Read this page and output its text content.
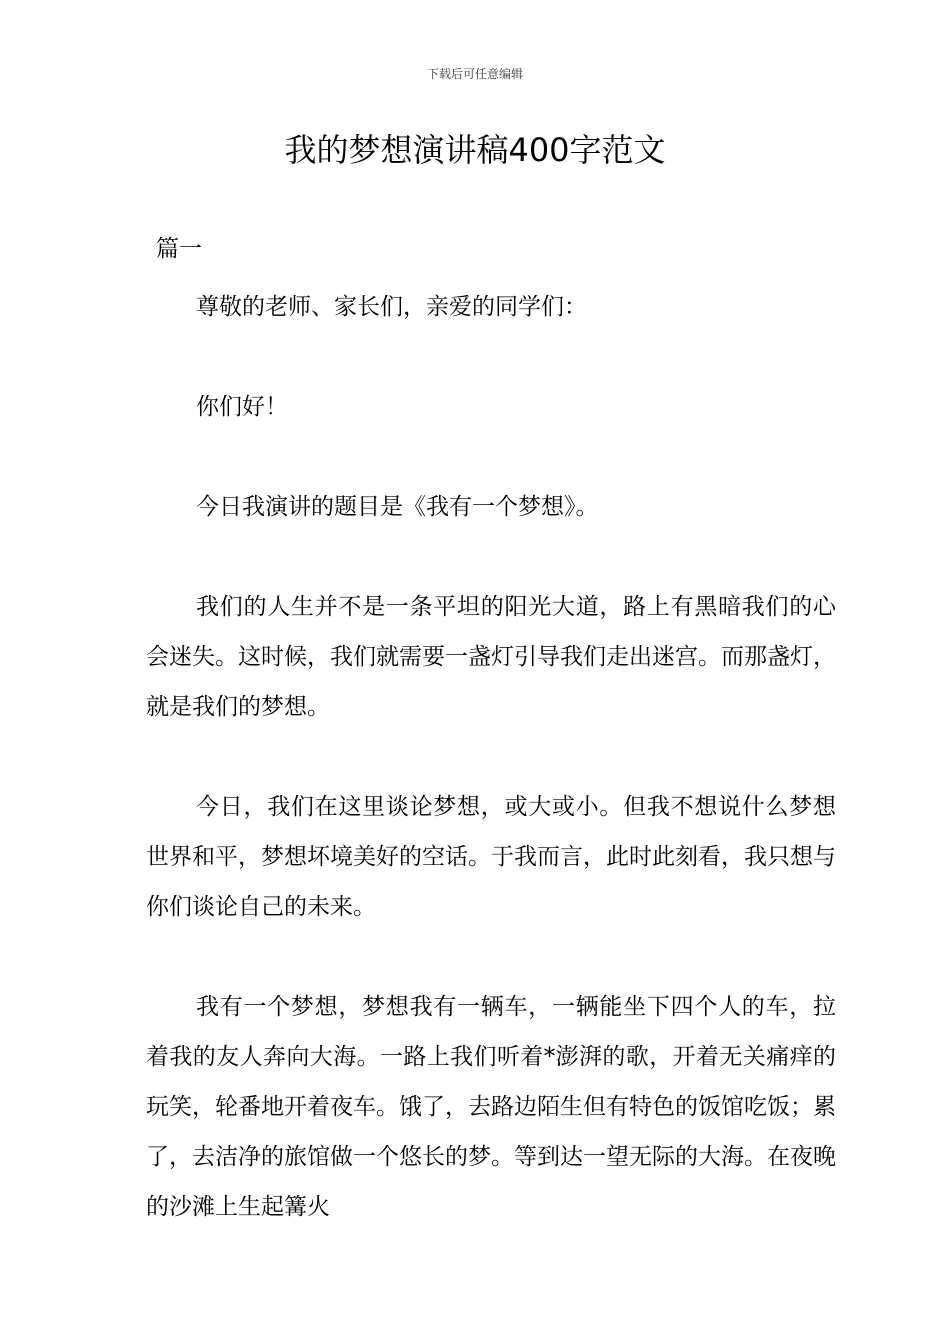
下载后可任意编辑
我的梦想演讲稿400字范文
篇一

尊敬的老师、家长们，亲爱的同学们：

你们好！

今日我演讲的题目是《我有一个梦想》。

我们的人生并不是一条平坦的阳光大道，路上有黑暗我们的心会迷失。这时候，我们就需要一盏灯引导我们走出迷宫。而那盏灯，就是我们的梦想。

今日，我们在这里谈论梦想，或大或小。但我不想说什么梦想世界和平，梦想坏境美好的空话。于我而言，此时此刻看，我只想与你们谈论自己的未来。

我有一个梦想，梦想我有一辆车，一辆能坐下四个人的车，拉着我的友人奔向大海。一路上我们听着*澎湃的歌，开着无关痛痒的玩笑，轮番地开着夜车。饿了，去路边陌生但有特色的饭馆吃饭；累了，去洁净的旅馆做一个悠长的梦。等到达一望无际的大海。在夜晚的沙滩上生起篝火
